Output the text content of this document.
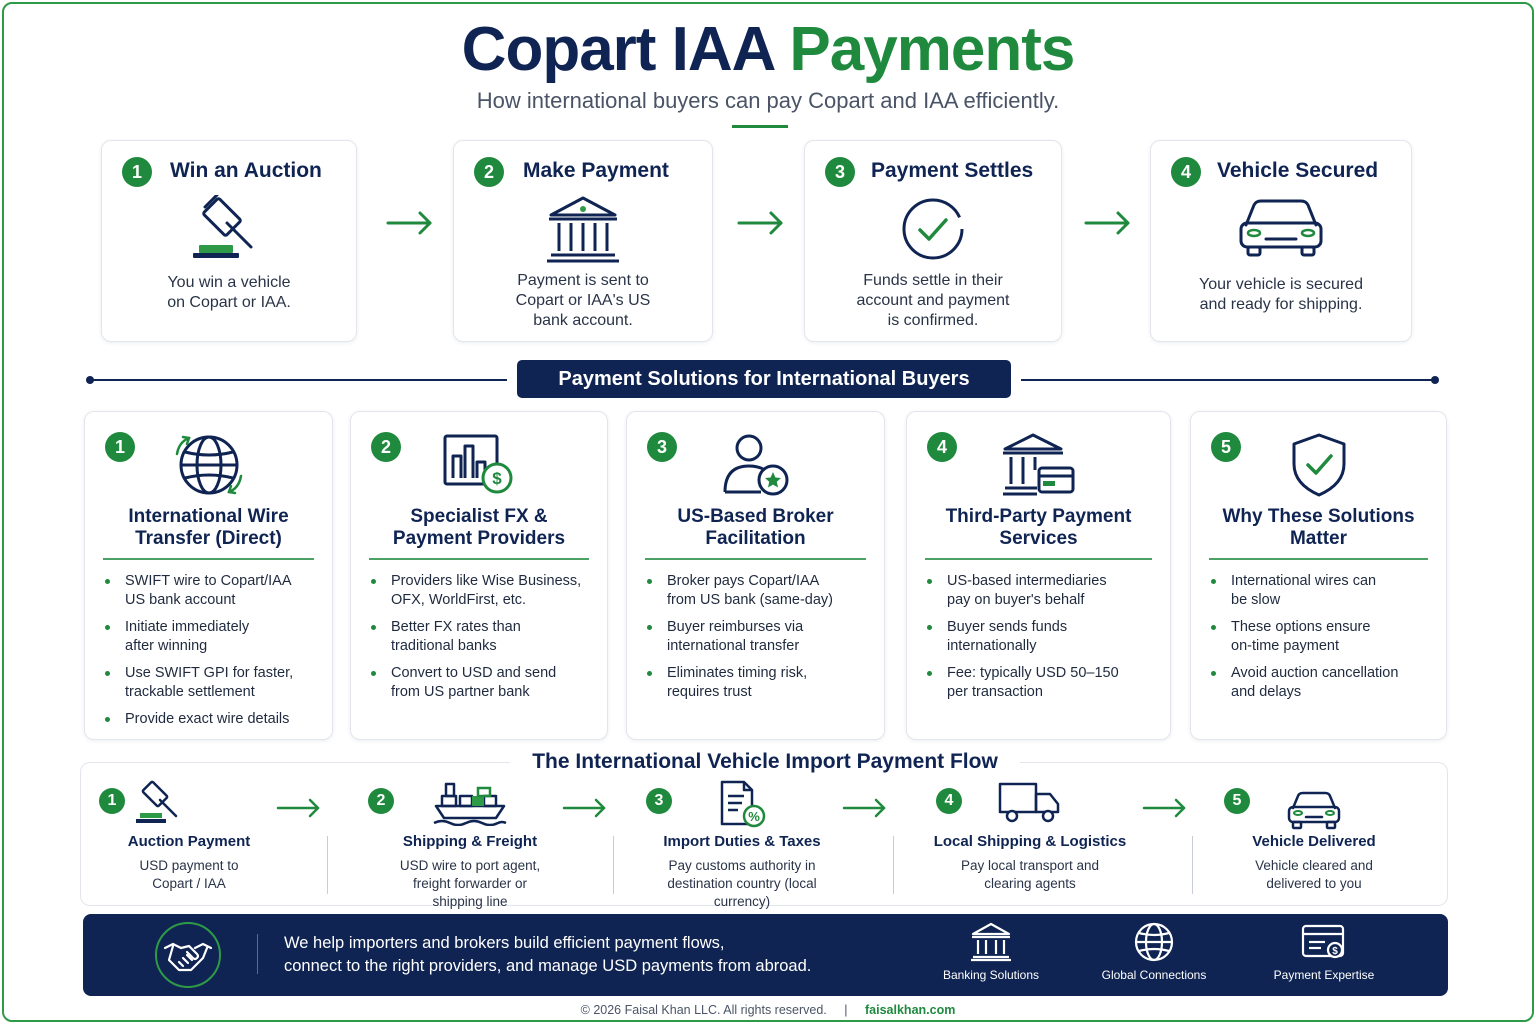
Copart IAA Payments
How international buyers can pay Copart and IAA efficiently.
1	Win an Auction
You win a vehicle
on Copart or IAA.
2	Make Payment
Payment is sent to
Copart or IAA's US
bank account.
3	Payment Settles
Funds settle in their
account and payment
is confirmed.
4	Vehicle Secured
Your vehicle is secured
and ready for shipping.
Payment Solutions for International Buyers
1
International Wire
Transfer (Direct)
SWIFT wire to Copart/IAA
US bank account
Initiate immediately
after winning
Use SWIFT GPI for faster,
trackable settlement
Provide exact wire details
2
$
Specialist FX &
Payment Providers
Providers like Wise Business,
OFX, WorldFirst, etc.
Better FX rates than
traditional banks
Convert to USD and send
from US partner bank
3
US-Based Broker
Facilitation
Broker pays Copart/IAA
from US bank (same-day)
Buyer reimburses via
international transfer
Eliminates timing risk,
requires trust
4
Third-Party Payment
Services
US-based intermediaries
pay on buyer's behalf
Buyer sends funds
internationally
Fee: typically USD 50–150
per transaction
5
Why These Solutions
Matter
International wires can
be slow
These options ensure
on-time payment
Avoid auction cancellation
and delays
The International Vehicle Import Payment Flow
1
Auction Payment
USD payment to
Copart / IAA
2
Shipping & Freight
USD wire to port agent,
freight forwarder or
shipping line
3
%
Import Duties & Taxes
Pay customs authority in
destination country (local
currency)
4
Local Shipping & Logistics
Pay local transport and
clearing agents
5
Vehicle Delivered
Vehicle cleared and
delivered to you
We help importers and brokers build efficient payment flows,
connect to the right providers, and manage USD payments from abroad.	Banking Solutions	Global Connections
$
Payment Expertise
© 2026 Faisal Khan LLC. All rights reserved. | faisalkhan.com
